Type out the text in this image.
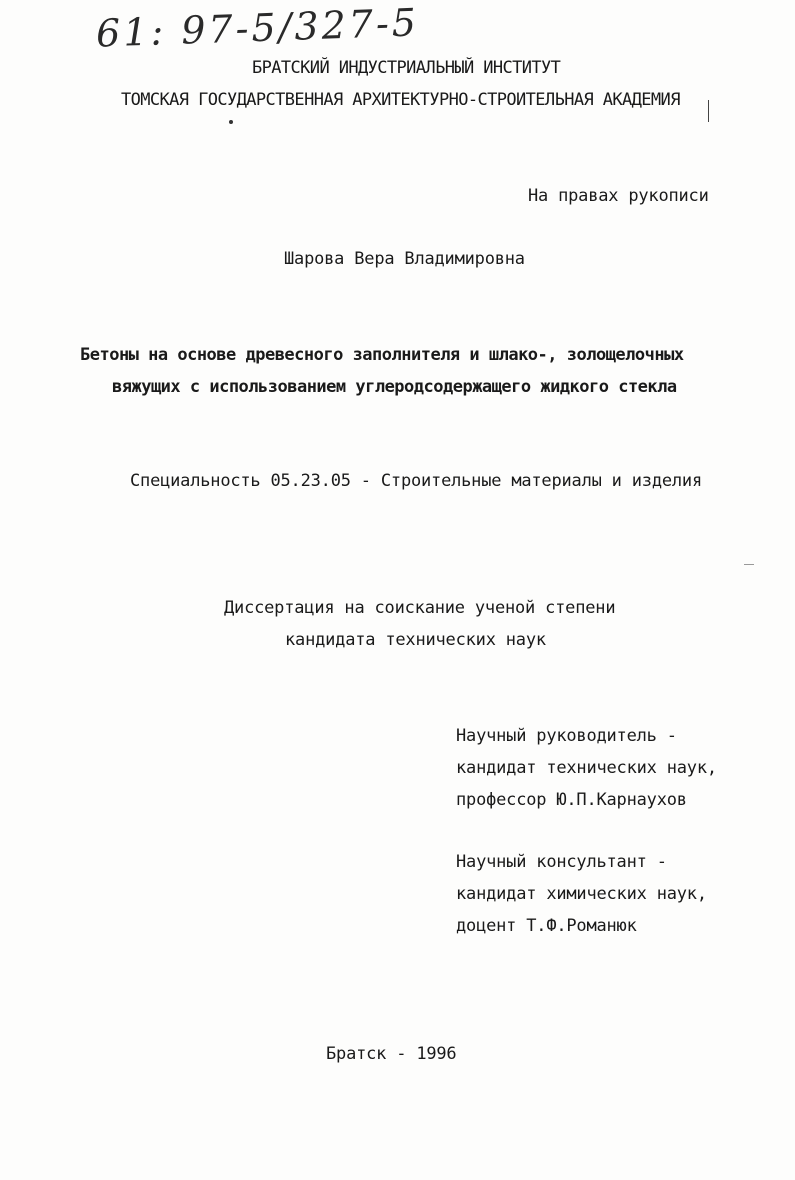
61: 97-5/327-5
БРАТСКИЙ ИНДУСТРИАЛЬНЫЙ ИНСТИТУТ
ТОМСКАЯ ГОСУДАРСТВЕННАЯ АРХИТЕКТУРНО-СТРОИТЕЛЬНАЯ АКАДЕМИЯ
На правах рукописи
Шарова Вера Владимировна
Бетоны на основе древесного заполнителя и шлако-, золощелочных
вяжущих с использованием углеродсодержащего жидкого стекла
Специальность 05.23.05 - Строительные материалы и изделия
Диссертация на соискание ученой степени
кандидата технических наук
Научный руководитель -
кандидат технических наук,
профессор Ю.П.Карнаухов
Научный консультант -
кандидат химических наук,
доцент Т.Ф.Романюк
Братск - 1996
